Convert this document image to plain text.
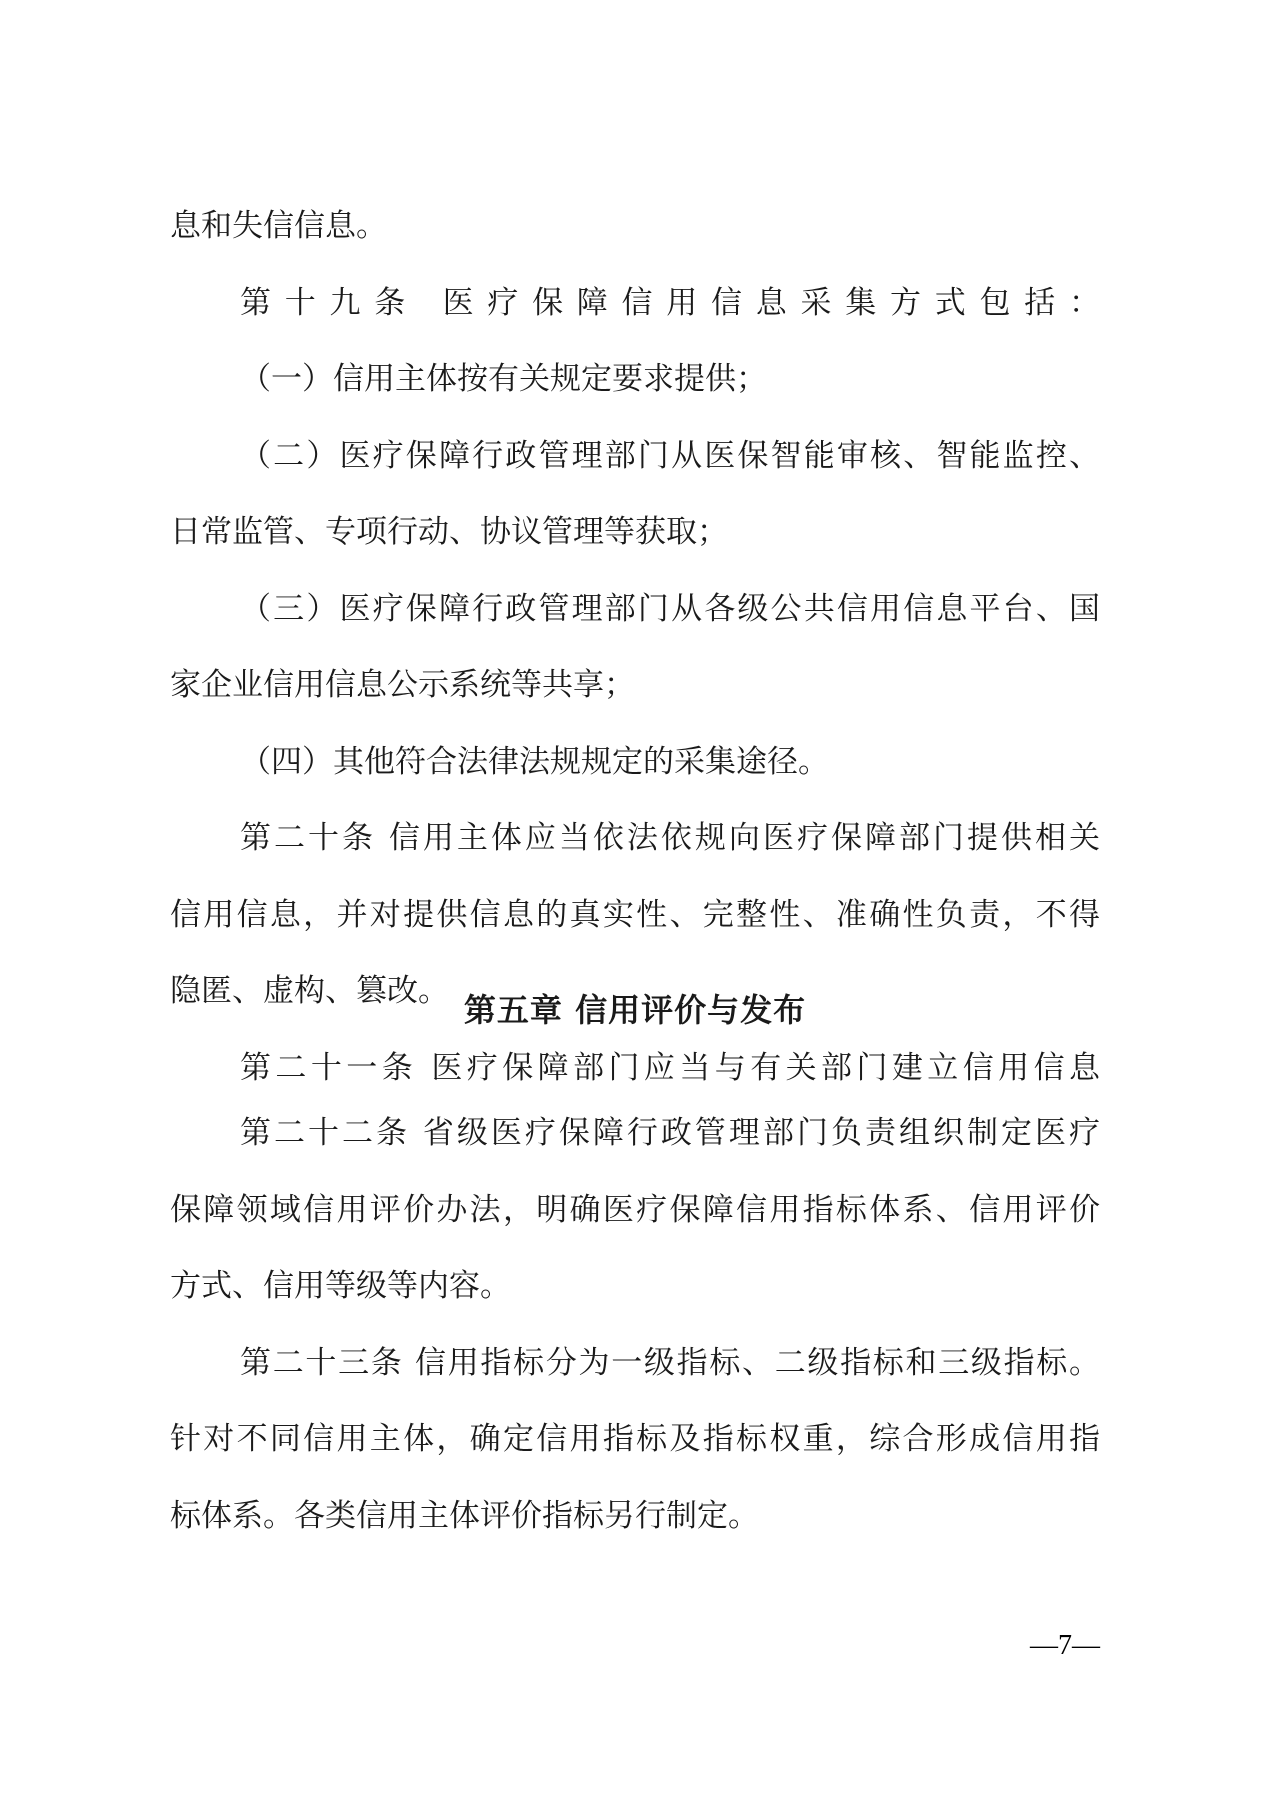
息和失信信息。
第十九条 医疗保障信用信息采集方式包括：
（一）信用主体按有关规定要求提供；
（二）医疗保障行政管理部门从医保智能审核、智能监控、
日常监管、专项行动、协议管理等获取；
（三）医疗保障行政管理部门从各级公共信用信息平台、国
家企业信用信息公示系统等共享；
（四）其他符合法律法规规定的采集途径。
第二十条 信用主体应当依法依规向医疗保障部门提供相关
信用信息，并对提供信息的真实性、完整性、准确性负责，不得
隐匿、虚构、篡改。
第二十一条 医疗保障部门应当与有关部门建立信用信息
第五章 信用评价与发布
第二十二条 省级医疗保障行政管理部门负责组织制定医疗
保障领域信用评价办法，明确医疗保障信用指标体系、信用评价
方式、信用等级等内容。
第二十三条 信用指标分为一级指标、二级指标和三级指标。
针对不同信用主体，确定信用指标及指标权重，综合形成信用指
标体系。各类信用主体评价指标另行制定。
—7—
